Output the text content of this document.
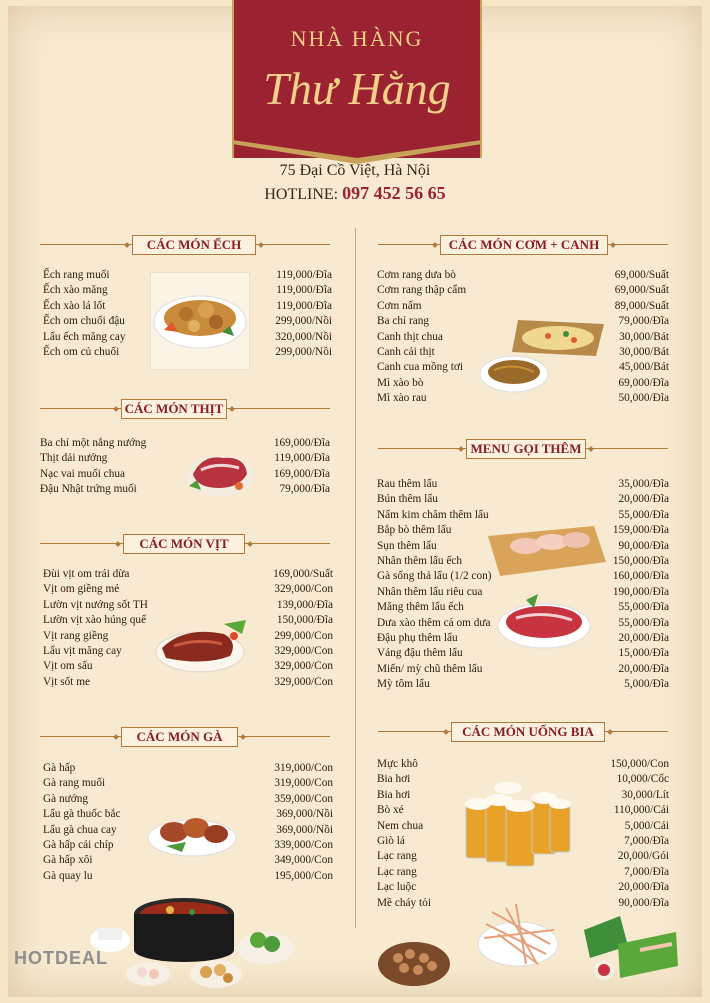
NHÀ HÀNG
Thư Hằng
75 Đại Cồ Việt, Hà Nội
HOTLINE: 097 452 56 65
CÁC MÓN ẾCH
CÁC MÓN THỊT
CÁC MÓN VỊT
CÁC MÓN GÀ
CÁC MÓN CƠM + CANH
MENU GỌI THÊM
CÁC MÓN UỐNG BIA
Ếch rang muối	119,000/Đĩa
Ếch xào măng	119,000/Đĩa
Ếch xào lá lốt	119,000/Đĩa
Ếch om chuối đậu	299,000/Nồi
Lẩu ếch măng cay	320,000/Nồi
Ếch om củ chuối	299,000/Nồi
Ba chỉ một nắng nướng	169,000/Đĩa
Thịt dải nướng	119,000/Đĩa
Nạc vai muối chua	169,000/Đĩa
Đậu Nhật trứng muối	79,000/Đĩa
Đùi vịt om trái dừa	169,000/Suất
Vịt om giềng mẻ	329,000/Con
Lườn vịt nướng sốt TH	139,000/Đĩa
Lườn vịt xào húng quế	150,000/Đĩa
Vịt rang giềng	299,000/Con
Lẩu vịt măng cay	329,000/Con
Vịt om sấu	329,000/Con
Vịt sốt me	329,000/Con
Gà hấp	319,000/Con
Gà rang muối	319,000/Con
Gà nướng	359,000/Con
Lẩu gà thuốc bắc	369,000/Nồi
Lẩu gà chua cay	369,000/Nồi
Gà hấp cải chíp	339,000/Con
Gà hấp xôi	349,000/Con
Gà quay lu	195,000/Con
Cơm rang dưa bò	69,000/Suất
Cơm rang thập cẩm	69,000/Suất
Cơm nấm	89,000/Suất
Ba chỉ rang	79,000/Đĩa
Canh thịt chua	30,000/Bát
Canh cải thịt	30,000/Bát
Canh cua mồng tơi	45,000/Bát
Mì xào bò	69,000/Đĩa
Mì xào rau	50,000/Đĩa
Rau thêm lẩu	35,000/Đĩa
Bún thêm lẩu	20,000/Đĩa
Nấm kim châm thêm lẩu	55,000/Đĩa
Bắp bò thêm lẩu	159,000/Đĩa
Sụn thêm lẩu	90,000/Đĩa
Nhân thêm lẩu ếch	150,000/Đĩa
Gà sống thả lẩu (1/2 con)	160,000/Đĩa
Nhân thêm lẩu riêu cua	190,000/Đĩa
Măng thêm lẩu ếch	55,000/Đĩa
Dưa xào thêm cá om dưa	55,000/Đĩa
Đậu phụ thêm lẩu	20,000/Đĩa
Váng đậu thêm lẩu	15,000/Đĩa
Miến/ mỳ chũ thêm lẩu	20,000/Đĩa
Mỳ tôm lẩu	5,000/Đĩa
Mực khô	150,000/Con
Bia hơi	10,000/Cốc
Bia hơi	30,000/Lít
Bò xé	110,000/Cái
Nem chua	5,000/Cái
Giò lá	7,000/Đĩa
Lạc rang	20,000/Gói
Lạc rang	7,000/Đĩa
Lạc luộc	20,000/Đĩa
Mề cháy tỏi	90,000/Đĩa
HOTDEAL
